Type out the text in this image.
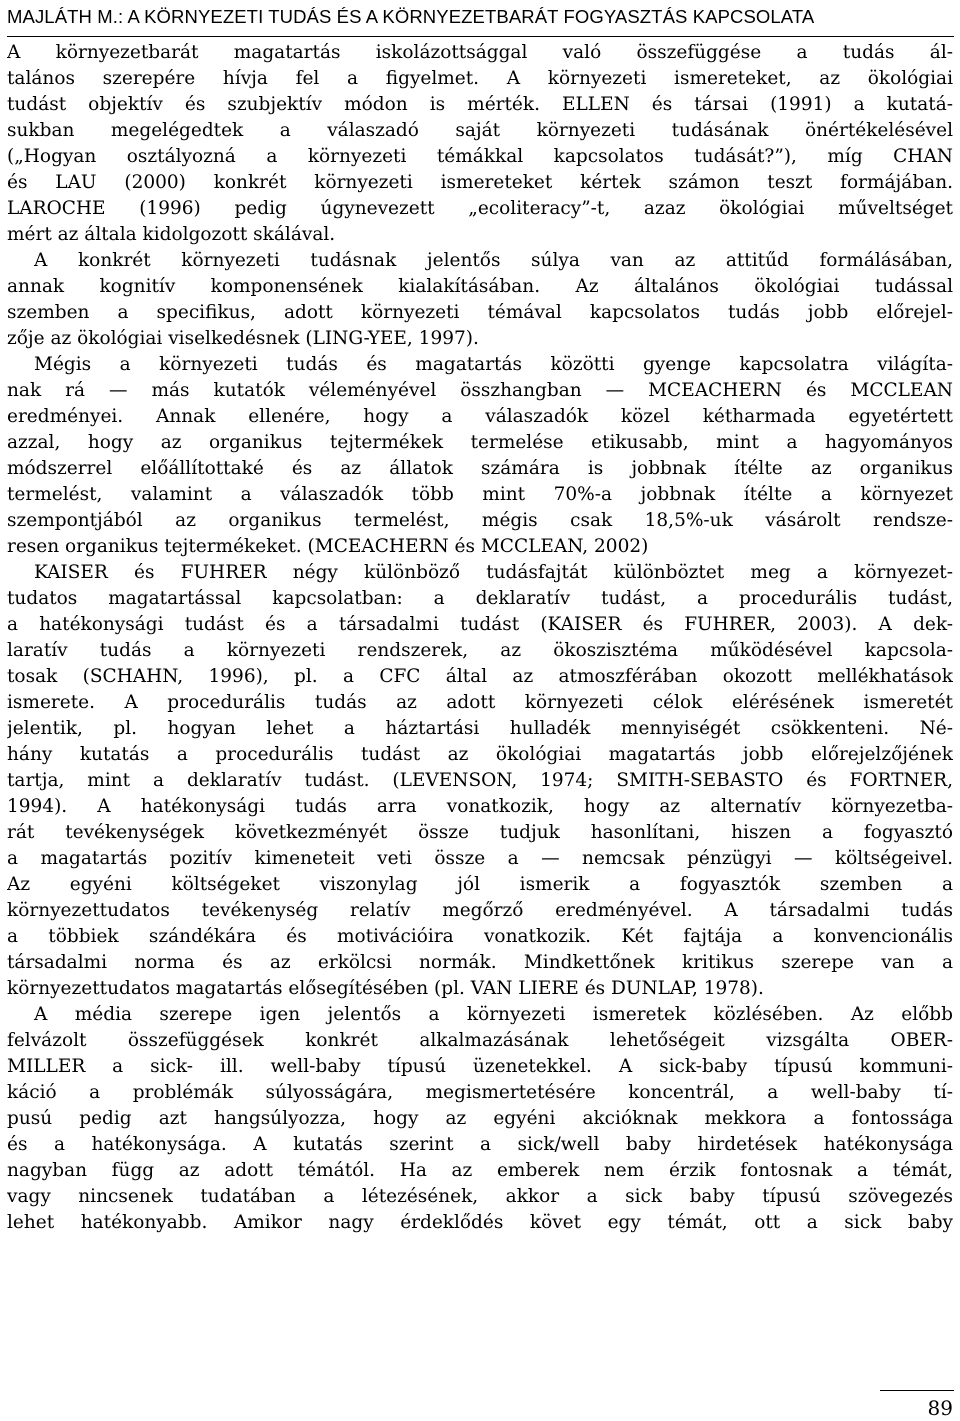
MAJLÁTH M.: A KÖRNYEZETI TUDÁS ÉS A KÖRNYEZETBARÁT FOGYASZTÁS KAPCSOLATA
A környezetbarát magatartás iskolázottsággal való összefüggése a tudás ál-
talános szerepére hívja fel a figyelmet. A környezeti ismereteket, az ökológiai
tudást objektív és szubjektív módon is mérték. ELLEN és társai (1991) a kutatá-
sukban megelégedtek a válaszadó saját környezeti tudásának önértékelésével
(„Hogyan osztályozná a környezeti témákkal kapcsolatos tudását?”), míg CHAN
és LAU (2000) konkrét környezeti ismereteket kértek számon teszt formájában.
LAROCHE (1996) pedig úgynevezett „ecoliteracy”-t, azaz ökológiai műveltséget
mért az általa kidolgozott skálával.
A konkrét környezeti tudásnak jelentős súlya van az attitűd formálásában,
annak kognitív komponensének kialakításában. Az általános ökológiai tudással
szemben a specifikus, adott környezeti témával kapcsolatos tudás jobb előrejel-
zője az ökológiai viselkedésnek (LING-YEE, 1997).
Mégis a környezeti tudás és magatartás közötti gyenge kapcsolatra világíta-
nak rá — más kutatók véleményével összhangban — MCEACHERN és MCCLEAN
eredményei. Annak ellenére, hogy a válaszadók közel kétharmada egyetértett
azzal, hogy az organikus tejtermékek termelése etikusabb, mint a hagyományos
módszerrel előállítottaké és az állatok számára is jobbnak ítélte az organikus
termelést, valamint a válaszadók több mint 70%-a jobbnak ítélte a környezet
szempontjából az organikus termelést, mégis csak 18,5%-uk vásárolt rendsze-
resen organikus tejtermékeket. (MCEACHERN és MCCLEAN, 2002)
KAISER és FUHRER négy különböző tudásfajtát különböztet meg a környezet-
tudatos magatartással kapcsolatban: a deklaratív tudást, a procedurális tudást,
a hatékonysági tudást és a társadalmi tudást (KAISER és FUHRER, 2003). A dek-
laratív tudás a környezeti rendszerek, az ökoszisztéma működésével kapcsola-
tosak (SCHAHN, 1996), pl. a CFC által az atmoszférában okozott mellékhatások
ismerete. A procedurális tudás az adott környezeti célok elérésének ismeretét
jelentik, pl. hogyan lehet a háztartási hulladék mennyiségét csökkenteni. Né-
hány kutatás a procedurális tudást az ökológiai magatartás jobb előrejelzőjének
tartja, mint a deklaratív tudást. (LEVENSON, 1974; SMITH-SEBASTO és FORTNER,
1994). A hatékonysági tudás arra vonatkozik, hogy az alternatív környezetba-
rát tevékenységek következményét össze tudjuk hasonlítani, hiszen a fogyasztó
a magatartás pozitív kimeneteit veti össze a — nemcsak pénzügyi — költségeivel.
Az egyéni költségeket viszonylag jól ismerik a fogyasztók szemben a
környezettudatos tevékenység relatív megőrző eredményével. A társadalmi tudás
a többiek szándékára és motivációira vonatkozik. Két fajtája a konvencionális
társadalmi norma és az erkölcsi normák. Mindkettőnek kritikus szerepe van a
környezettudatos magatartás elősegítésében (pl. VAN LIERE és DUNLAP, 1978).
A média szerepe igen jelentős a környezeti ismeretek közlésében. Az előbb
felvázolt összefüggések konkrét alkalmazásának lehetőségeit vizsgálta OBER-
MILLER a sick- ill. well-baby típusú üzenetekkel. A sick-baby típusú kommuni-
káció a problémák súlyosságára, megismertetésére koncentrál, a well-baby tí-
pusú pedig azt hangsúlyozza, hogy az egyéni akcióknak mekkora a fontossága
és a hatékonysága. A kutatás szerint a sick/well baby hirdetések hatékonysága
nagyban függ az adott témától. Ha az emberek nem érzik fontosnak a témát,
vagy nincsenek tudatában a létezésének, akkor a sick baby típusú szövegezés
lehet hatékonyabb. Amikor nagy érdeklődés követ egy témát, ott a sick baby
89
